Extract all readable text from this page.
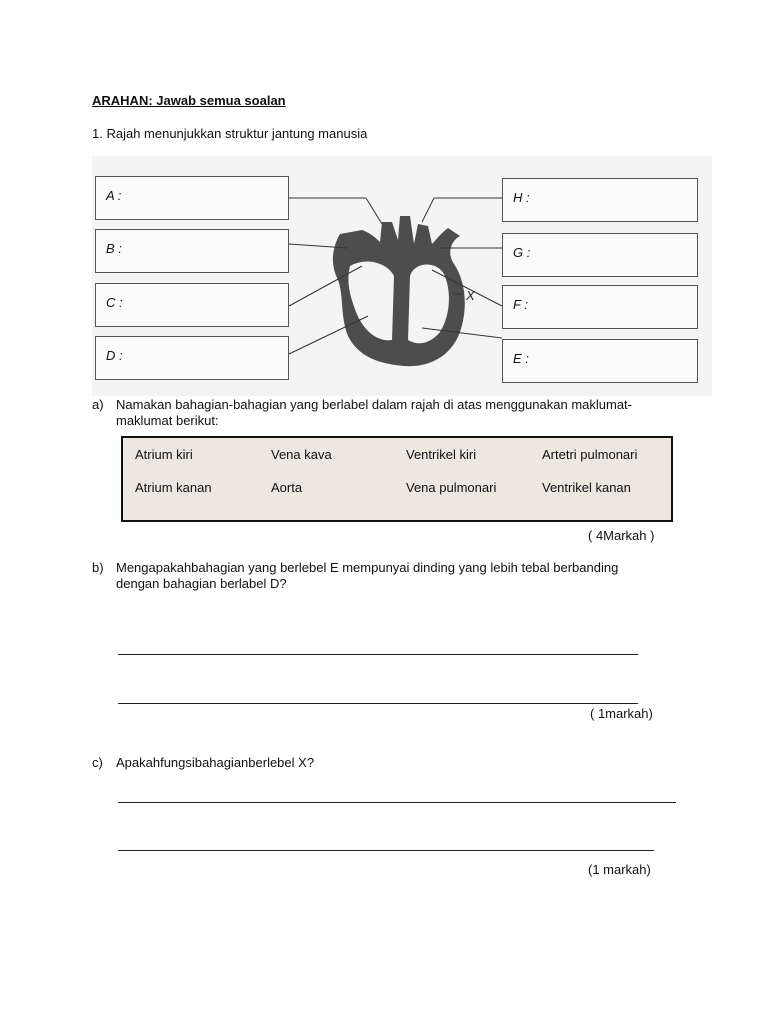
ARAHAN: Jawab semua soalan
1. Rajah menunjukkan struktur jantung manusia
A :
B :
C :
D :
H :
G :
F :
E :
X
a) Namakan bahagian-bahagian yang berlabel dalam rajah di atas menggunakan maklumat-
maklumat berikut:
Atrium kiri	Vena kava	Ventrikel kiri	Artetri pulmonari
Atrium kanan	Aorta	Vena pulmonari	Ventrikel kanan
( 4Markah )
b) Mengapakahbahagian yang berlebel E mempunyai dinding yang lebih tebal berbanding
dengan bahagian berlabel D?
( 1markah)
c) Apakahfungsibahagianberlebel X?
(1 markah)
